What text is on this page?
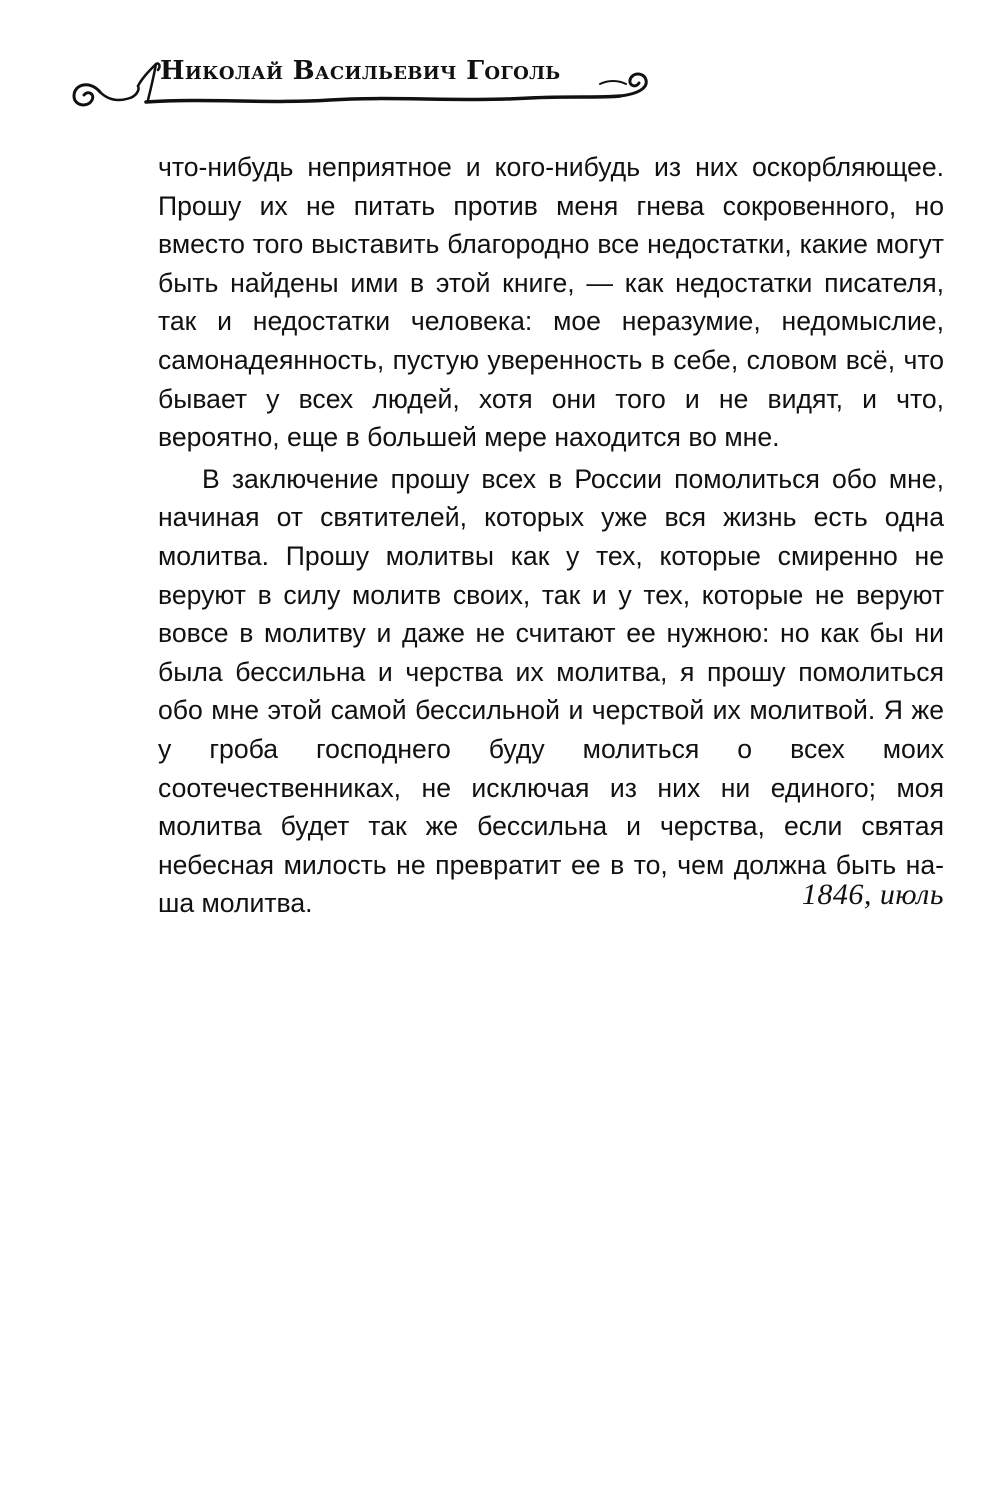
Николай Васильевич Гоголь

что-нибудь неприятное и кого-нибудь из них оскорбляющее. Прошу их не питать против меня гнева сокровенного, но вместо того выставить благородно все недостатки, какие могут быть найдены ими в этой книге, — как недостатки писателя, так и недостатки человека: мое неразумие, недомыслие, самонадеянность, пустую уверенность в себе, словом всё, что бывает у всех людей, хотя они того и не видят, и что, вероятно, еще в большей мере находится во мне.

В заключение прошу всех в России помолиться обо мне, начиная от святителей, которых уже вся жизнь есть одна молитва. Прошу молитвы как у тех, которые смиренно не веруют в силу молитв своих, так и у тех, которые не веруют вовсе в молитву и даже не считают ее нужною: но как бы ни была бессильна и черства их молитва, я прошу помолиться обо мне этой самой бессильной и черствой их молитвой. Я же у гроба господнего буду молиться о всех моих соотечественниках, не исключая из них ни единого; моя молитва будет так же бессильна и черства, если святая небесная милость не превратит ее в то, чем должна быть наша молитва.	1846, июль
